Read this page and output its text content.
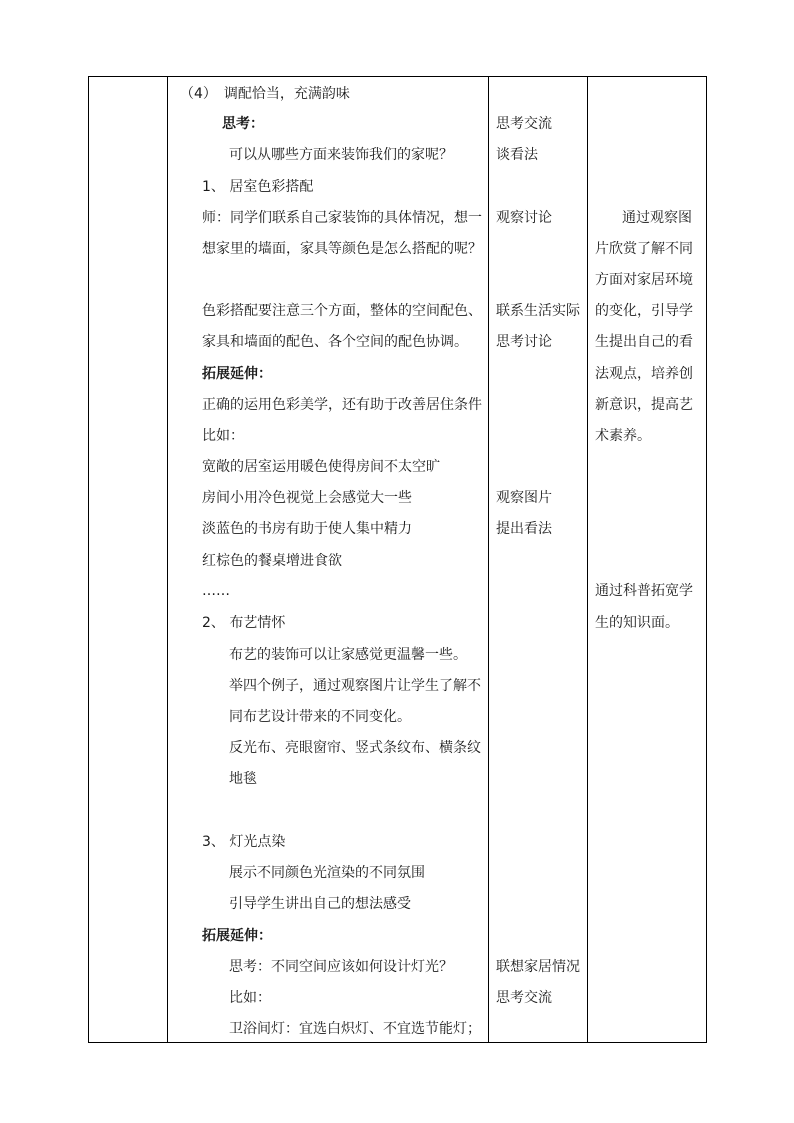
（4）　调配恰当，充满韵味
思考：
可以从哪些方面来装饰我们的家呢？
1、 居室色彩搭配
师：同学们联系自己家装饰的具体情况，想一
想家里的墙面，家具等颜色是怎么搭配的呢？
色彩搭配要注意三个方面，整体的空间配色、
家具和墙面的配色、各个空间的配色协调。
拓展延伸：
正确的运用色彩美学，还有助于改善居住条件
比如：
宽敞的居室运用暖色使得房间不太空旷
房间小用冷色视觉上会感觉大一些
淡蓝色的书房有助于使人集中精力
红棕色的餐桌增进食欲
……
2、 布艺情怀
布艺的装饰可以让家感觉更温馨一些。
举四个例子，通过观察图片让学生了解不
同布艺设计带来的不同变化。
反光布、亮眼窗帘、竖式条纹布、横条纹
地毯
3、 灯光点染
展示不同颜色光渲染的不同氛围
引导学生讲出自己的想法感受
拓展延伸：
思考：不同空间应该如何设计灯光？
比如：
卫浴间灯：宜选白炽灯、不宜选节能灯；
思考交流
谈看法
观察讨论
联系生活实际
思考讨论
观察图片
提出看法
联想家居情况
思考交流
通过观察图
片欣赏了解不同
方面对家居环境
的变化，引导学
生提出自己的看
法观点，培养创
新意识，提高艺
术素养。
通过科普拓宽学
生的知识面。
